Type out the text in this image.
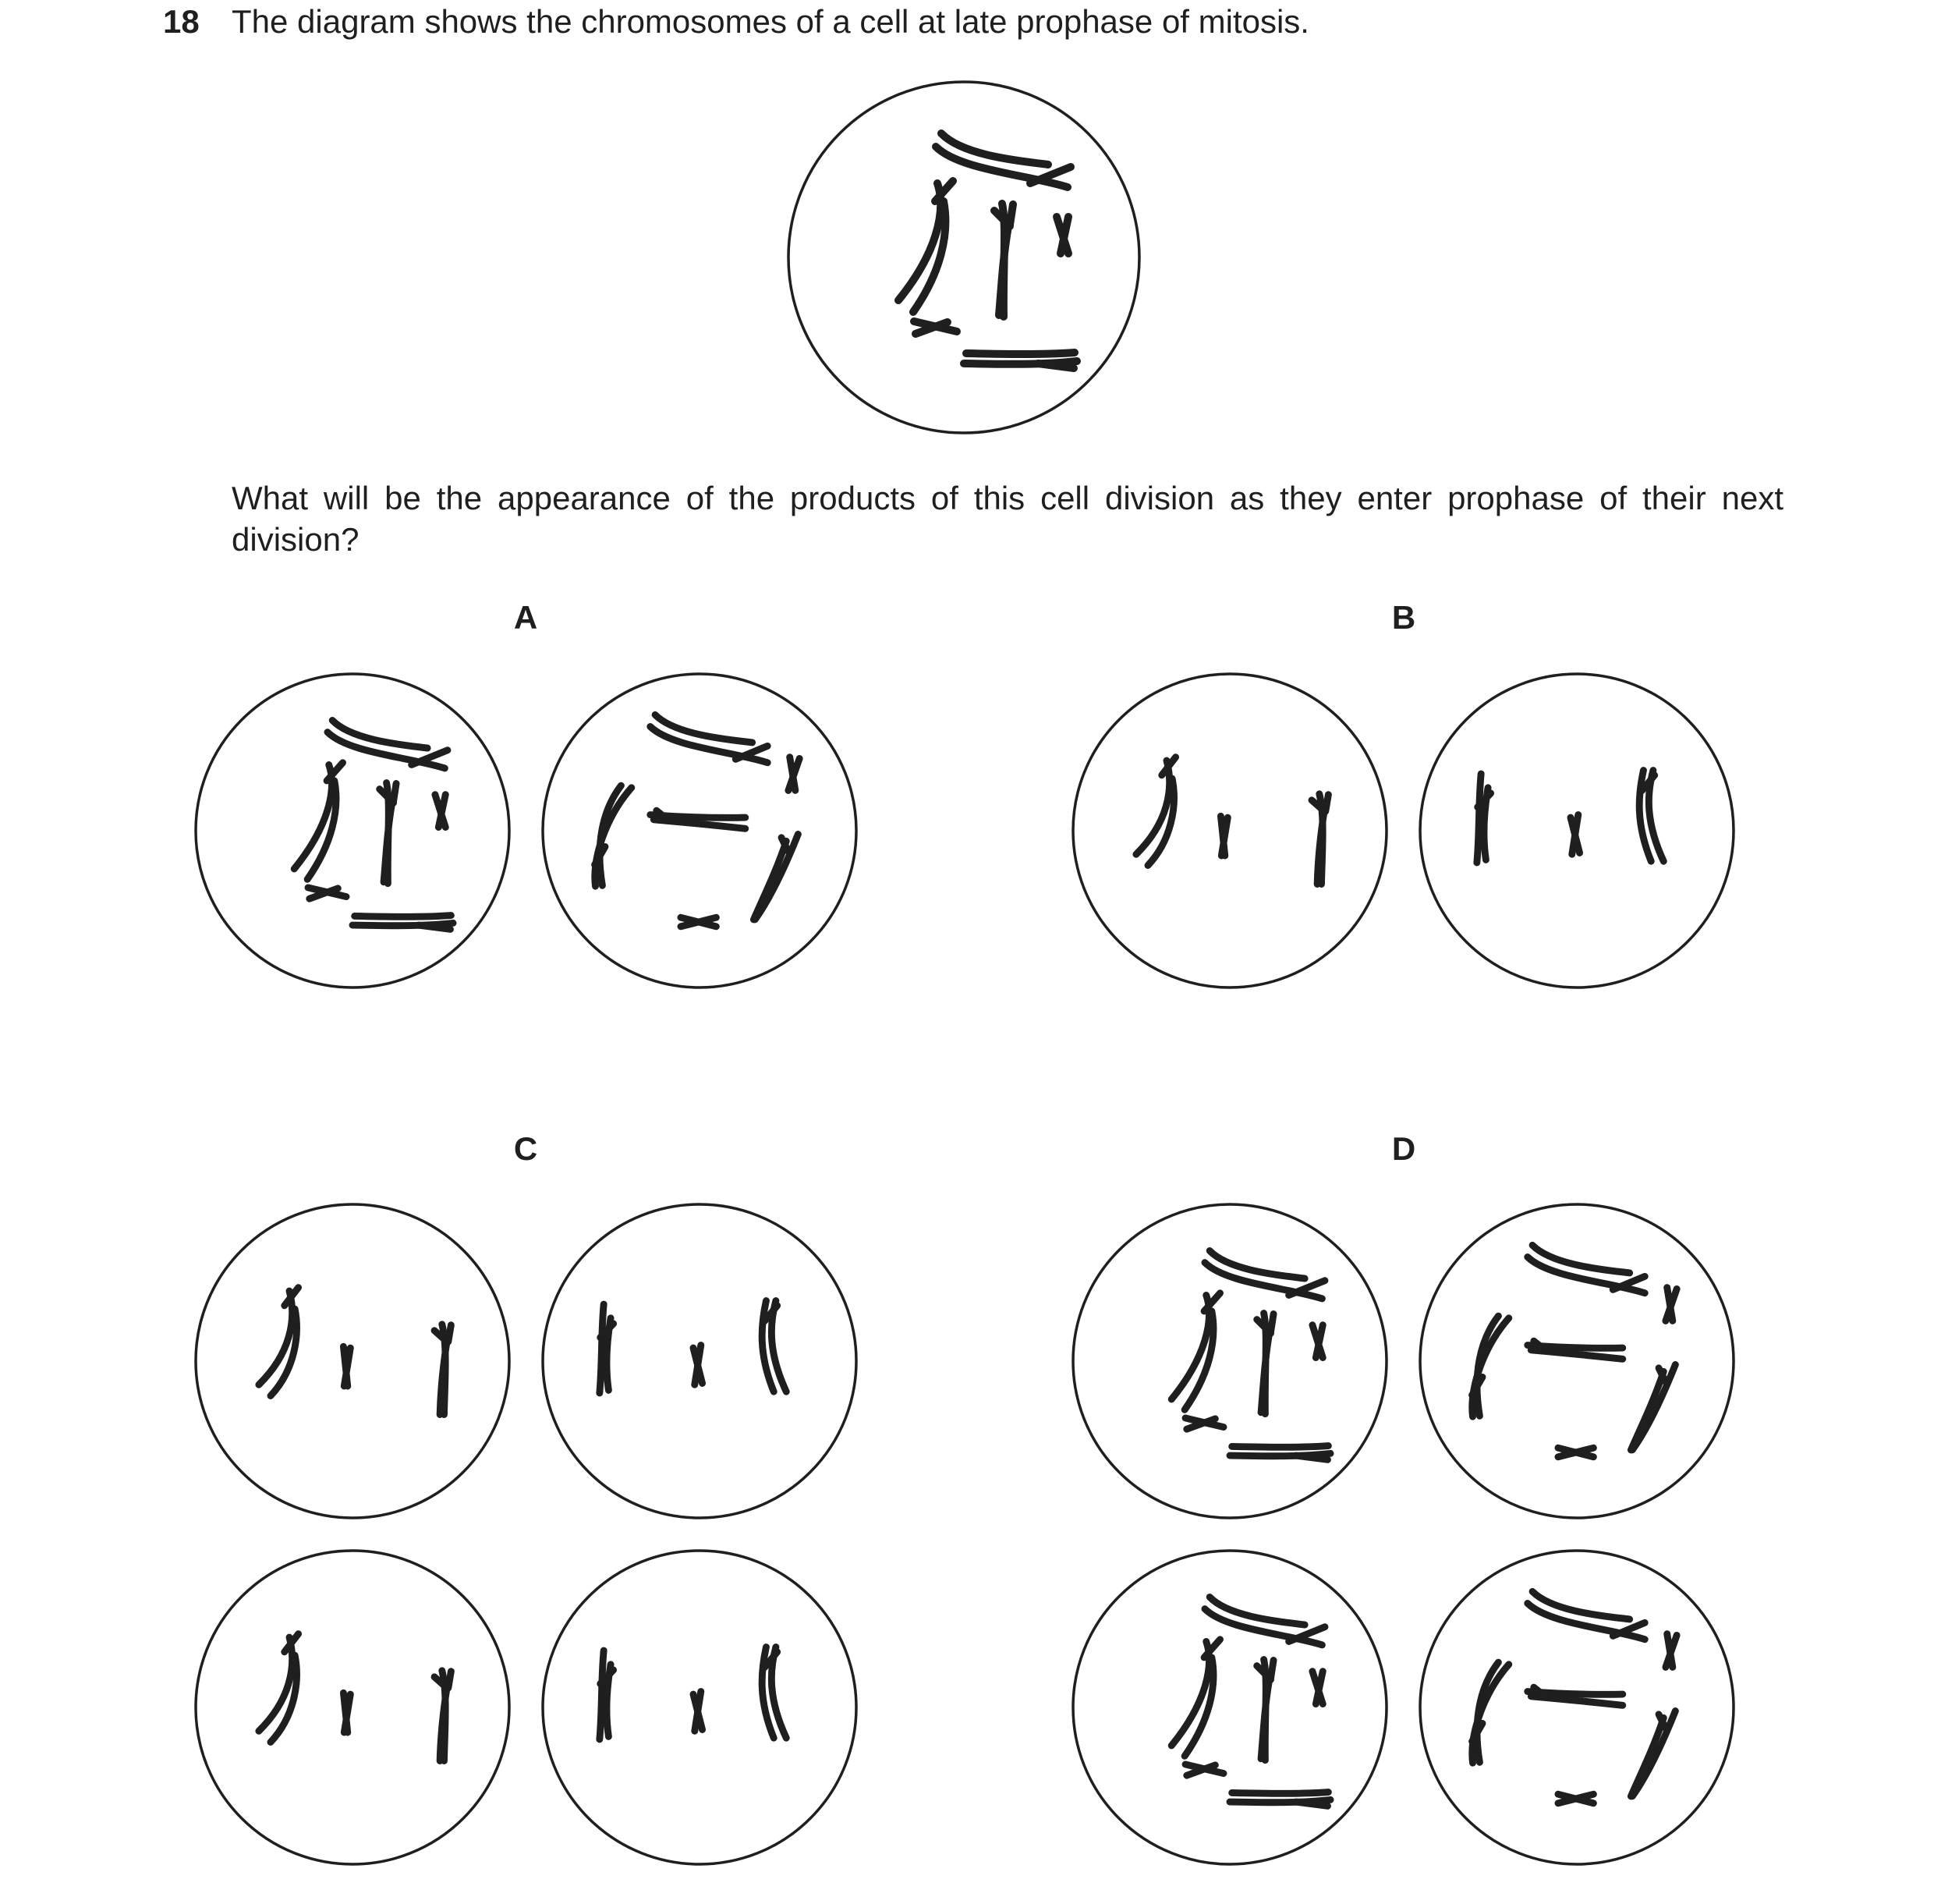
18 The diagram shows the chromosomes of a cell at late prophase of mitosis.

What will be the appearance of the products of this cell division as they enter prophase of their next division?

A	B
C	D
